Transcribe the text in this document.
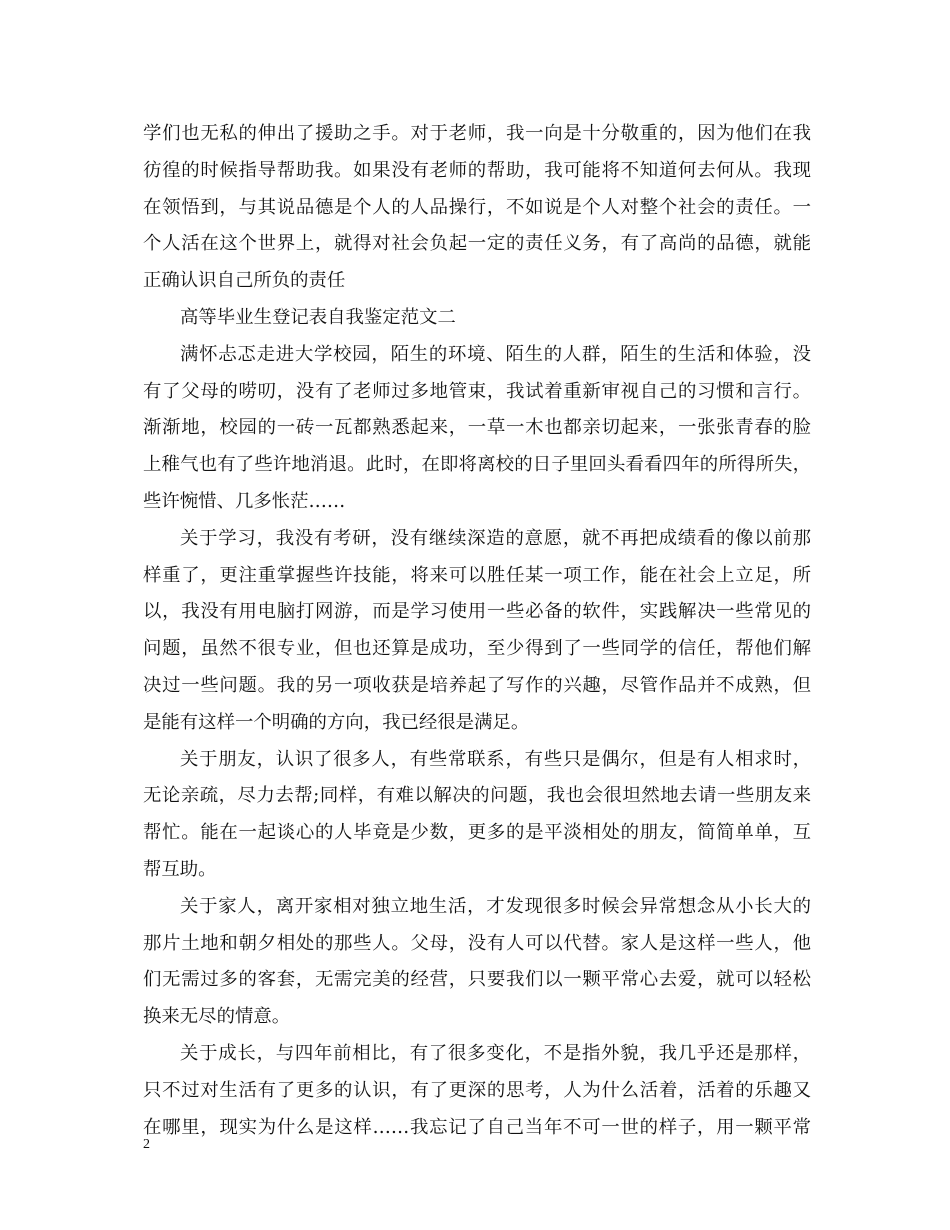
学们也无私的伸出了援助之手。对于老师，我一向是十分敬重的，因为他们在我
彷徨的时候指导帮助我。如果没有老师的帮助，我可能将不知道何去何从。我现
在领悟到，与其说品德是个人的人品操行，不如说是个人对整个社会的责任。一
个人活在这个世界上，就得对社会负起一定的责任义务，有了高尚的品德，就能
正确认识自己所负的责任
高等毕业生登记表自我鉴定范文二
满怀忐忑走进大学校园，陌生的环境、陌生的人群，陌生的生活和体验，没
有了父母的唠叨，没有了老师过多地管束，我试着重新审视自己的习惯和言行。
渐渐地，校园的一砖一瓦都熟悉起来，一草一木也都亲切起来，一张张青春的脸
上稚气也有了些许地消退。此时，在即将离校的日子里回头看看四年的所得所失，
些许惋惜、几多怅茫……
关于学习，我没有考研，没有继续深造的意愿，就不再把成绩看的像以前那
样重了，更注重掌握些许技能，将来可以胜任某一项工作，能在社会上立足，所
以，我没有用电脑打网游，而是学习使用一些必备的软件，实践解决一些常见的
问题，虽然不很专业，但也还算是成功，至少得到了一些同学的信任，帮他们解
决过一些问题。我的另一项收获是培养起了写作的兴趣，尽管作品并不成熟，但
是能有这样一个明确的方向，我已经很是满足。
关于朋友，认识了很多人，有些常联系，有些只是偶尔，但是有人相求时，
无论亲疏，尽力去帮;同样，有难以解决的问题，我也会很坦然地去请一些朋友来
帮忙。能在一起谈心的人毕竟是少数，更多的是平淡相处的朋友，简简单单，互
帮互助。
关于家人，离开家相对独立地生活，才发现很多时候会异常想念从小长大的
那片土地和朝夕相处的那些人。父母，没有人可以代替。家人是这样一些人，他
们无需过多的客套，无需完美的经营，只要我们以一颗平常心去爱，就可以轻松
换来无尽的情意。
关于成长，与四年前相比，有了很多变化，不是指外貌，我几乎还是那样，
只不过对生活有了更多的认识，有了更深的思考，人为什么活着，活着的乐趣又
在哪里，现实为什么是这样……我忘记了自己当年不可一世的样子，用一颗平常
2
